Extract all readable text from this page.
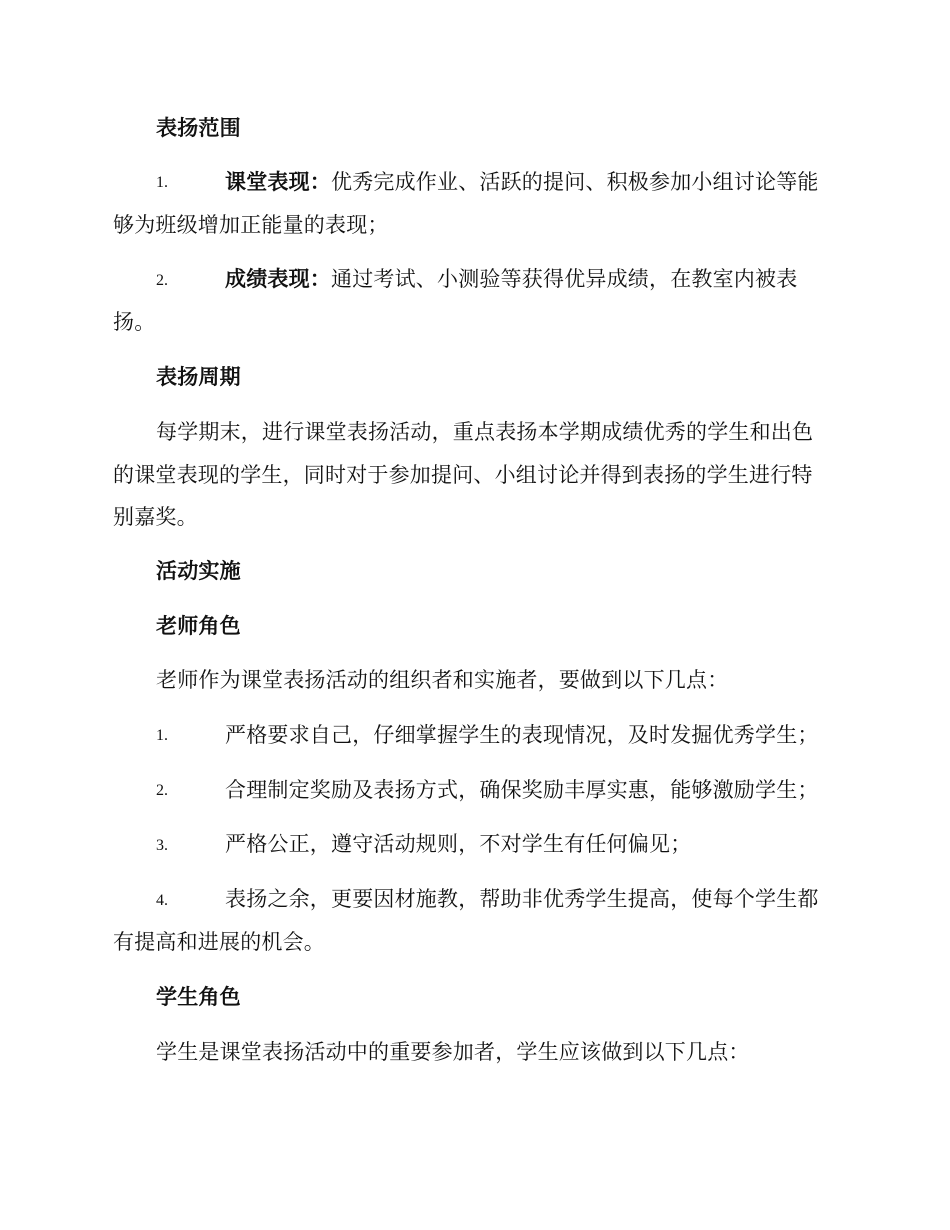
表扬范围
1.	课堂表现：优秀完成作业、活跃的提问、积极参加小组讨论等能
够为班级增加正能量的表现；
2.	成绩表现：通过考试、小测验等获得优异成绩，在教室内被表
扬。
表扬周期
每学期末，进行课堂表扬活动，重点表扬本学期成绩优秀的学生和出色
的课堂表现的学生，同时对于参加提问、小组讨论并得到表扬的学生进行特
别嘉奖。
活动实施
老师角色
老师作为课堂表扬活动的组织者和实施者，要做到以下几点：
1.	严格要求自己，仔细掌握学生的表现情况，及时发掘优秀学生；
2.	合理制定奖励及表扬方式，确保奖励丰厚实惠，能够激励学生；
3.	严格公正，遵守活动规则，不对学生有任何偏见；
4.	表扬之余，更要因材施教，帮助非优秀学生提高，使每个学生都
有提高和进展的机会。
学生角色
学生是课堂表扬活动中的重要参加者，学生应该做到以下几点：
